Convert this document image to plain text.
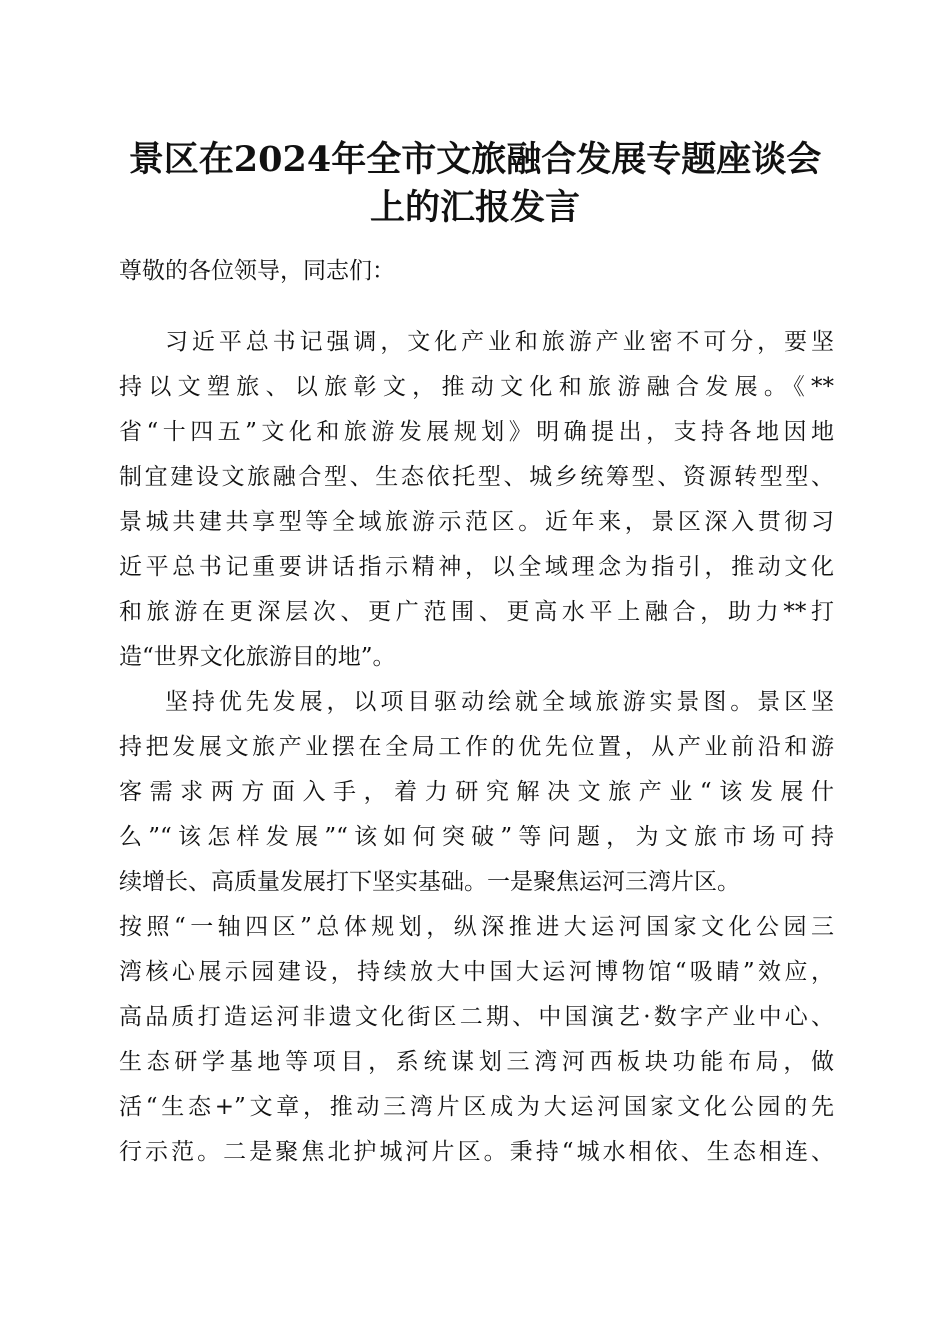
景区在2024年全市文旅融合发展专题座谈会
上的汇报发言
尊敬的各位领导，同志们：
习近平总书记强调，文化产业和旅游产业密不可分，要坚
持以文塑旅、以旅彰文，推动文化和旅游融合发展。《**
省“十四五”文化和旅游发展规划》明确提出，支持各地因地
制宜建设文旅融合型、生态依托型、城乡统筹型、资源转型型、
景城共建共享型等全域旅游示范区。近年来，景区深入贯彻习
近平总书记重要讲话指示精神，以全域理念为指引，推动文化
和旅游在更深层次、更广范围、更高水平上融合，助力**打
造“世界文化旅游目的地”。
坚持优先发展，以项目驱动绘就全域旅游实景图。景区坚
持把发展文旅产业摆在全局工作的优先位置，从产业前沿和游
客需求两方面入手，着力研究解决文旅产业“该发展什
么”“该怎样发展”“该如何突破”等问题，为文旅市场可持
续增长、高质量发展打下坚实基础。一是聚焦运河三湾片区。
按照“一轴四区”总体规划，纵深推进大运河国家文化公园三
湾核心展示园建设，持续放大中国大运河博物馆“吸睛”效应，
高品质打造运河非遗文化街区二期、中国演艺·数字产业中心、
生态研学基地等项目，系统谋划三湾河西板块功能布局，做
活“生态+”文章，推动三湾片区成为大运河国家文化公园的先
行示范。二是聚焦北护城河片区。秉持“城水相依、生态相连、
